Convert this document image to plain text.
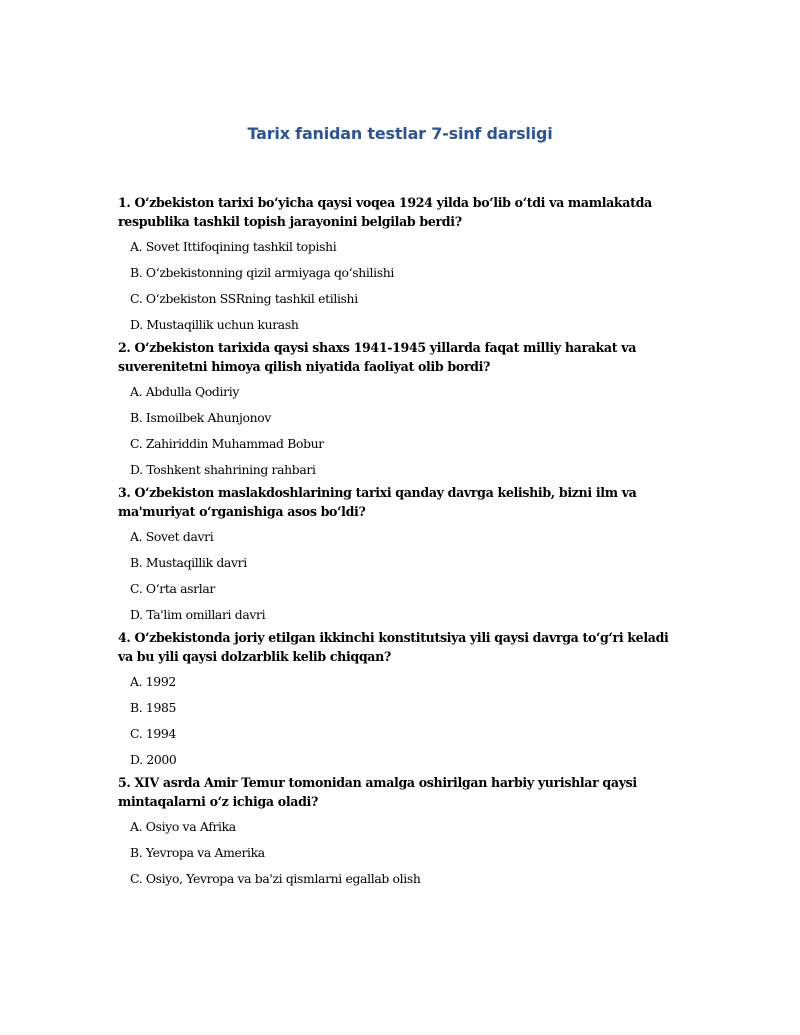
Tarix fanidan testlar 7-sinf darsligi

1. O‘zbekiston tarixi bo‘yicha qaysi voqea 1924 yilda bo‘lib o‘tdi va mamlakatda respublika tashkil topish jarayonini belgilab berdi?

A. Sovet Ittifoqining tashkil topishi
B. O‘zbekistonning qizil armiyaga qo‘shilishi
C. O‘zbekiston SSRning tashkil etilishi
D. Mustaqillik uchun kurash

2. O‘zbekiston tarixida qaysi shaxs 1941-1945 yillarda faqat milliy harakat va suverenitetni himoya qilish niyatida faoliyat olib bordi?

A. Abdulla Qodiriy
B. Ismoilbek Ahunjonov
C. Zahiriddin Muhammad Bobur
D. Toshkent shahrining rahbari

3. O‘zbekiston maslakdoshlarining tarixi qanday davrga kelishib, bizni ilm va ma'muriyat o‘rganishiga asos bo‘ldi?

A. Sovet davri
B. Mustaqillik davri
C. O‘rta asrlar
D. Ta'lim omillari davri

4. O‘zbekistonda joriy etilgan ikkinchi konstitutsiya yili qaysi davrga to‘g‘ri keladi va bu yili qaysi dolzarblik kelib chiqqan?

A. 1992
B. 1985
C. 1994
D. 2000

5. XIV asrda Amir Temur tomonidan amalga oshirilgan harbiy yurishlar qaysi mintaqalarni o‘z ichiga oladi?

A. Osiyo va Afrika
B. Yevropa va Amerika
C. Osiyo, Yevropa va ba'zi qismlarni egallab olish
